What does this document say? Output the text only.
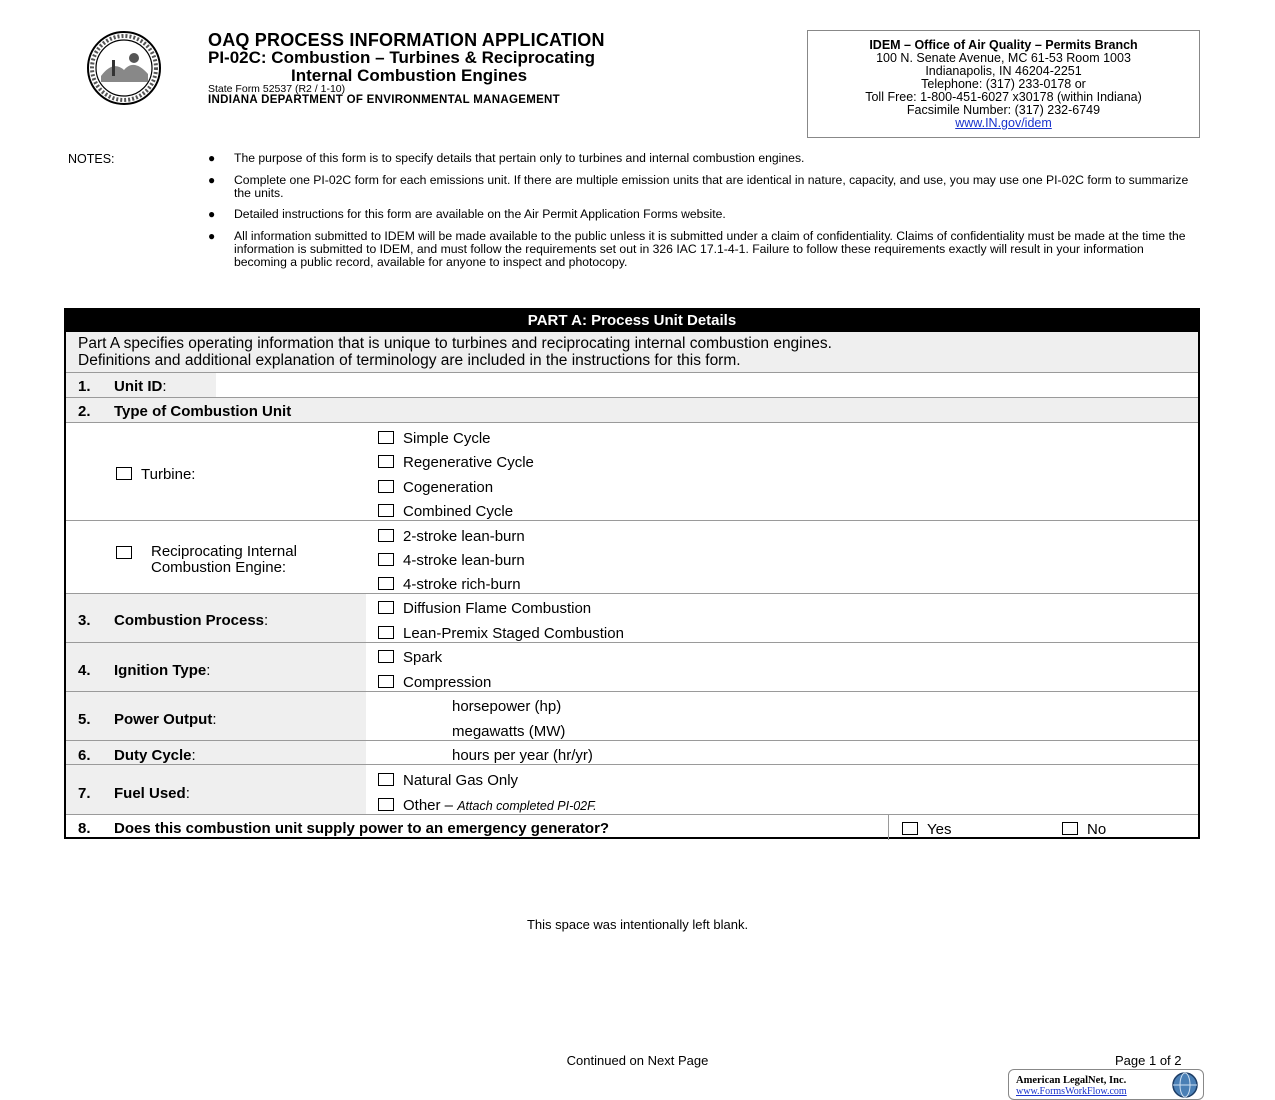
OAQ PROCESS INFORMATION APPLICATION
PI-02C: Combustion – Turbines & Reciprocating
Internal Combustion Engines
State Form 52537 (R2 / 1-10)
INDIANA DEPARTMENT OF ENVIRONMENTAL MANAGEMENT
IDEM – Office of Air Quality – Permits Branch
100 N. Senate Avenue, MC 61-53 Room 1003
Indianapolis, IN 46204-2251
Telephone: (317) 233-0178 or
Toll Free: 1-800-451-6027 x30178 (within Indiana)
Facsimile Number: (317) 232-6749
www.IN.gov/idem
NOTES:	● The purpose of this form is to specify details that pertain only to turbines and internal combustion engines.
● Complete one PI-02C form for each emissions unit. If there are multiple emission units that are identical in nature, capacity, and use, you may use one PI-02C form to summarize the units.
● Detailed instructions for this form are available on the Air Permit Application Forms website.
● All information submitted to IDEM will be made available to the public unless it is submitted under a claim of confidentiality. Claims of confidentiality must be made at the time the information is submitted to IDEM, and must follow the requirements set out in 326 IAC 17.1-4-1. Failure to follow these requirements exactly will result in your information becoming a public record, available for anyone to inspect and photocopy.
PART A: Process Unit Details
Part A specifies operating information that is unique to turbines and reciprocating internal combustion engines.
Definitions and additional explanation of terminology are included in the instructions for this form.
1. Unit ID:
2. Type of Combustion Unit
Turbine:
Simple Cycle
Regenerative Cycle
Cogeneration
Combined Cycle
Reciprocating Internal
Combustion Engine:
2-stroke lean-burn
4-stroke lean-burn
4-stroke rich-burn
3. Combustion Process:
Diffusion Flame Combustion
Lean-Premix Staged Combustion
4. Ignition Type:
Spark
Compression
5. Power Output:
horsepower (hp)
megawatts (MW)
6. Duty Cycle:	hours per year (hr/yr)
7. Fuel Used:
Natural Gas Only
Other – Attach completed PI-02F.
8. Does this combustion unit supply power to an emergency generator?	Yes	No
This space was intentionally left blank.
Continued on Next Page	Page 1 of 2
American LegalNet, Inc.
www.FormsWorkFlow.com
